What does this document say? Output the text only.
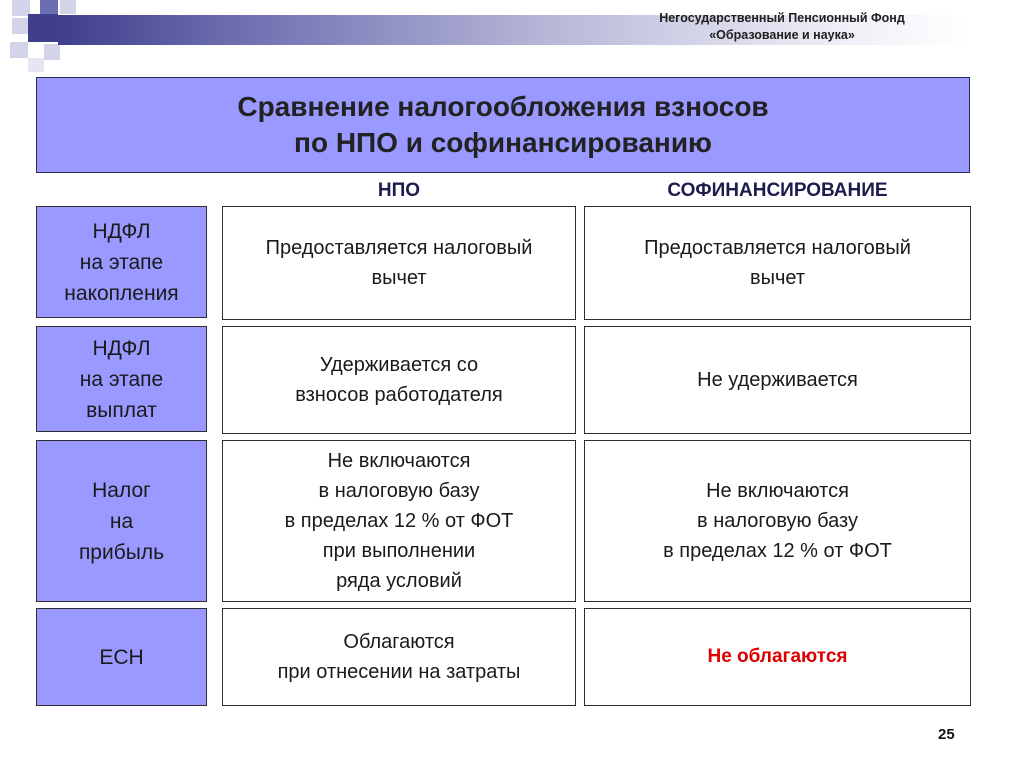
Негосударственный Пенсионный Фонд
«Образование и наука»
Сравнение налогообложения взносов
по НПО и софинансированию
НПО	СОФИНАНСИРОВАНИЕ
НДФЛ
на этапе
накопления
Предоставляется налоговый
вычет
Предоставляется налоговый
вычет
НДФЛ
на этапе
выплат
Удерживается со
взносов работодателя
Не удерживается
Налог
на
прибыль
Не включаются
в налоговую базу
в пределах 12 % от ФОТ
при выполнении
ряда условий
Не включаются
в налоговую базу
в пределах 12 % от ФОТ
ЕСН
Облагаются
при отнесении на затраты
Не облагаются
25
